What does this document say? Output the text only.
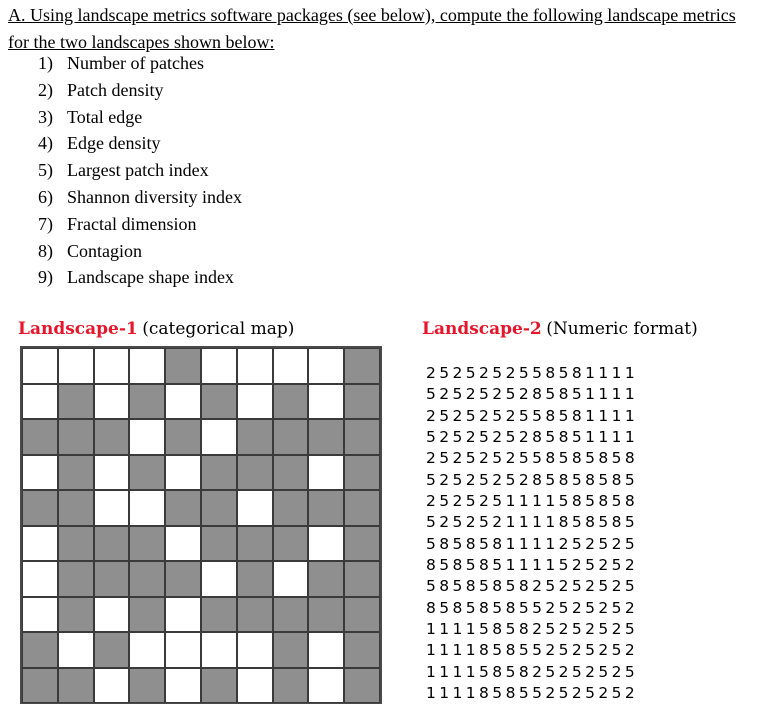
A. Using landscape metrics software packages (see below), compute the following landscape metrics for the two landscapes shown below:
1) Number of patches
2) Patch density
3) Total edge
4) Edge density
5) Largest patch index
6) Shannon diversity index
7) Fractal dimension
8) Contagion
9) Landscape shape index
Landscape-1 (categorical map)	Landscape-2 (Numeric format)
2525252558581111
5252525285851111
2525252558581111
5252525285851111
2525252558585858
5252525285858585
2525251111585858
5252521111858585
5858581111252525
8585851111525252
5858585825252525
8585858552525252
1111585825252525
1111858552525252
1111585825252525
1111858552525252
